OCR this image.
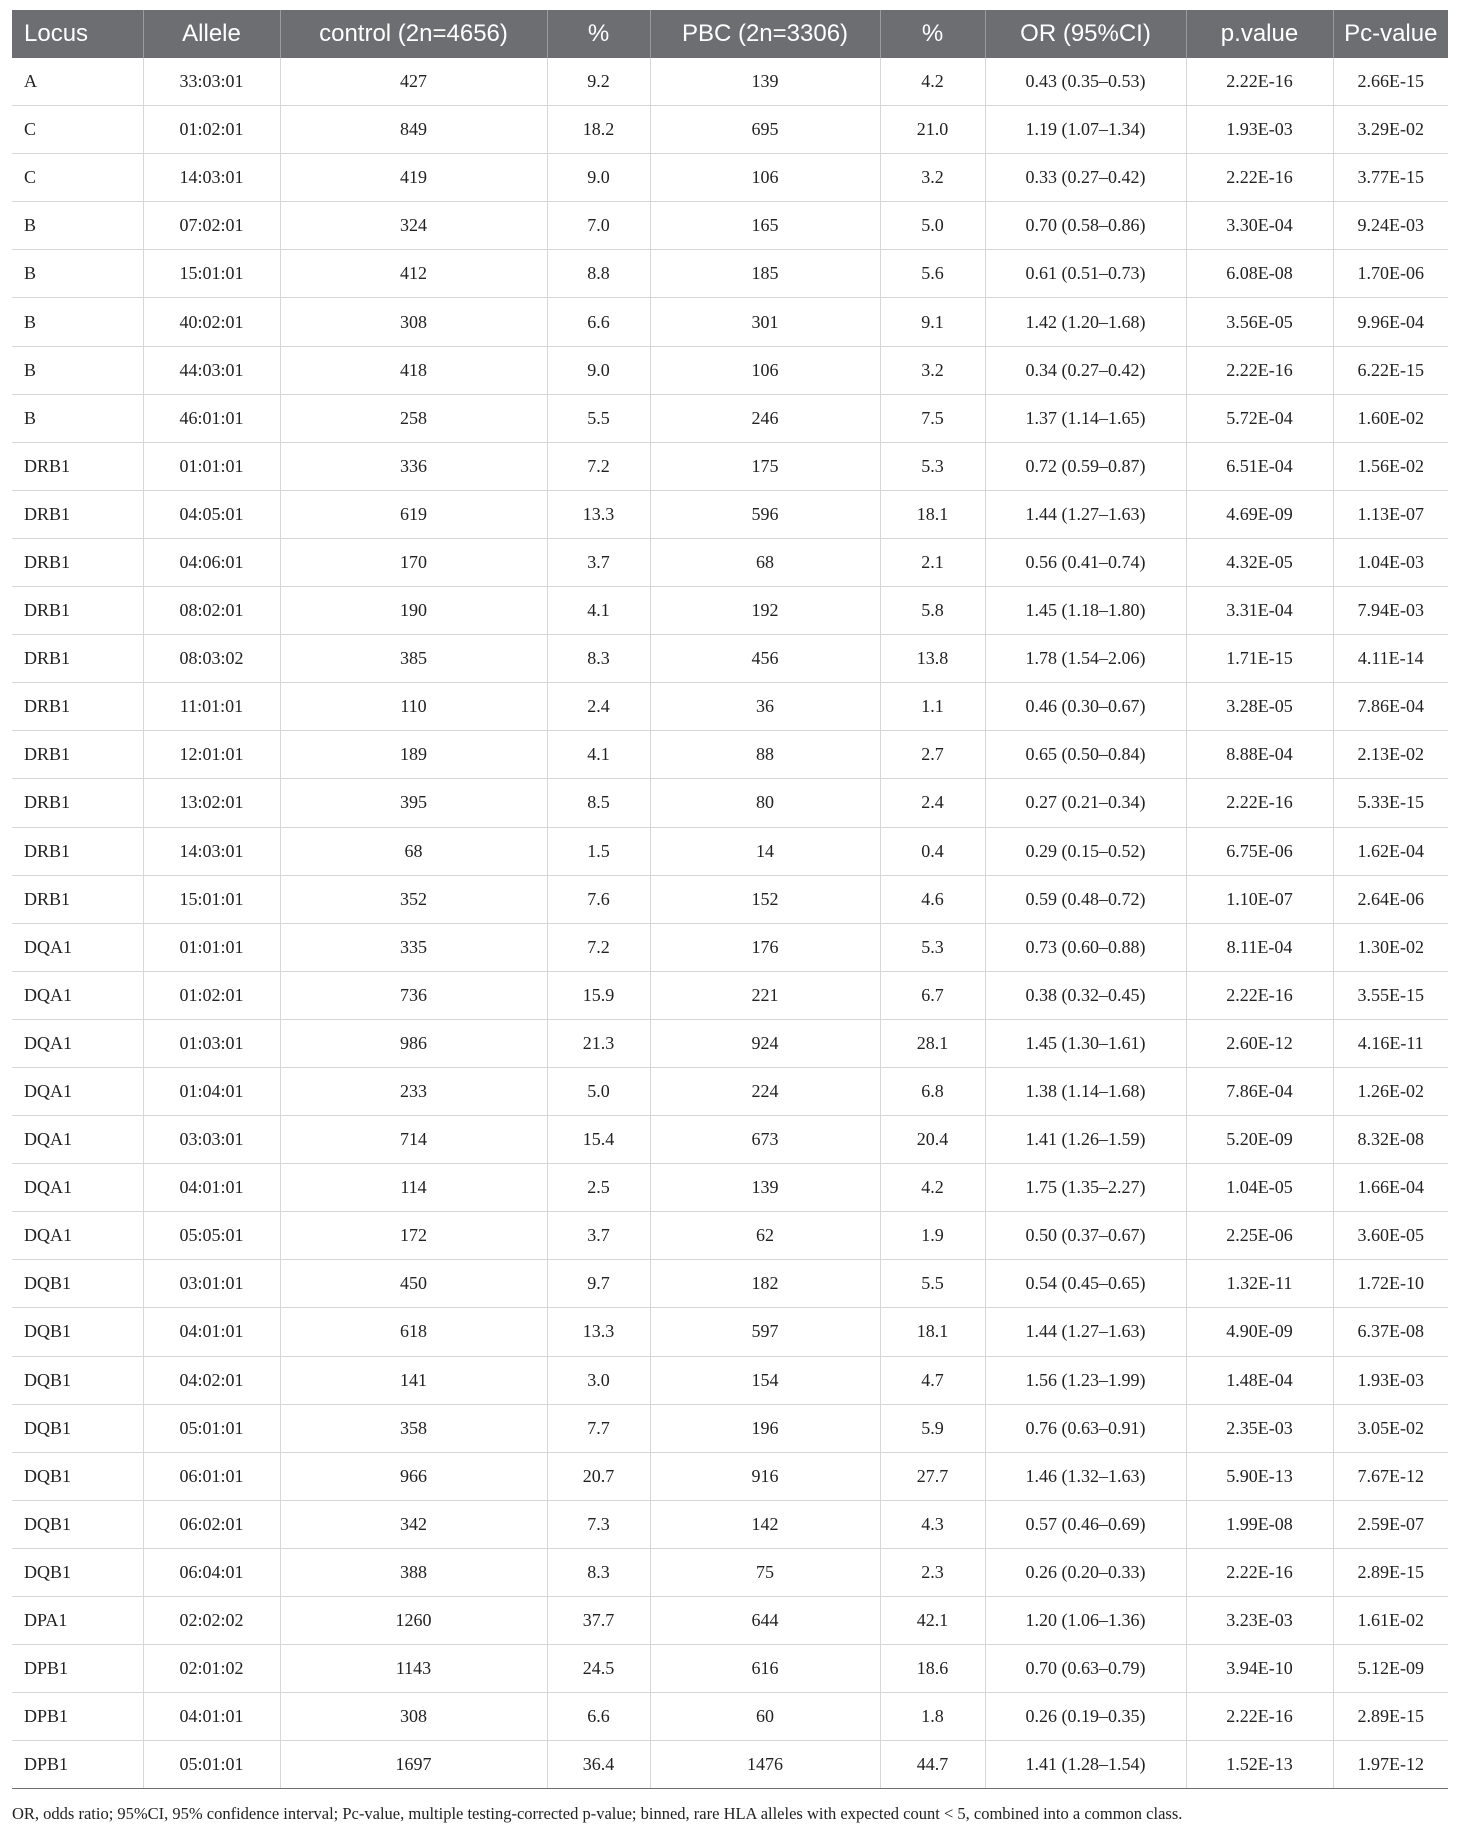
Locus	Allele	control (2n=4656)	%	PBC (2n=3306)	%	OR (95%CI)	p.value	Pc-value
A	33:03:01	427	9.2	139	4.2	0.43 (0.35–0.53)	2.22E-16	2.66E-15
C	01:02:01	849	18.2	695	21.0	1.19 (1.07–1.34)	1.93E-03	3.29E-02
C	14:03:01	419	9.0	106	3.2	0.33 (0.27–0.42)	2.22E-16	3.77E-15
B	07:02:01	324	7.0	165	5.0	0.70 (0.58–0.86)	3.30E-04	9.24E-03
B	15:01:01	412	8.8	185	5.6	0.61 (0.51–0.73)	6.08E-08	1.70E-06
B	40:02:01	308	6.6	301	9.1	1.42 (1.20–1.68)	3.56E-05	9.96E-04
B	44:03:01	418	9.0	106	3.2	0.34 (0.27–0.42)	2.22E-16	6.22E-15
B	46:01:01	258	5.5	246	7.5	1.37 (1.14–1.65)	5.72E-04	1.60E-02
DRB1	01:01:01	336	7.2	175	5.3	0.72 (0.59–0.87)	6.51E-04	1.56E-02
DRB1	04:05:01	619	13.3	596	18.1	1.44 (1.27–1.63)	4.69E-09	1.13E-07
DRB1	04:06:01	170	3.7	68	2.1	0.56 (0.41–0.74)	4.32E-05	1.04E-03
DRB1	08:02:01	190	4.1	192	5.8	1.45 (1.18–1.80)	3.31E-04	7.94E-03
DRB1	08:03:02	385	8.3	456	13.8	1.78 (1.54–2.06)	1.71E-15	4.11E-14
DRB1	11:01:01	110	2.4	36	1.1	0.46 (0.30–0.67)	3.28E-05	7.86E-04
DRB1	12:01:01	189	4.1	88	2.7	0.65 (0.50–0.84)	8.88E-04	2.13E-02
DRB1	13:02:01	395	8.5	80	2.4	0.27 (0.21–0.34)	2.22E-16	5.33E-15
DRB1	14:03:01	68	1.5	14	0.4	0.29 (0.15–0.52)	6.75E-06	1.62E-04
DRB1	15:01:01	352	7.6	152	4.6	0.59 (0.48–0.72)	1.10E-07	2.64E-06
DQA1	01:01:01	335	7.2	176	5.3	0.73 (0.60–0.88)	8.11E-04	1.30E-02
DQA1	01:02:01	736	15.9	221	6.7	0.38 (0.32–0.45)	2.22E-16	3.55E-15
DQA1	01:03:01	986	21.3	924	28.1	1.45 (1.30–1.61)	2.60E-12	4.16E-11
DQA1	01:04:01	233	5.0	224	6.8	1.38 (1.14–1.68)	7.86E-04	1.26E-02
DQA1	03:03:01	714	15.4	673	20.4	1.41 (1.26–1.59)	5.20E-09	8.32E-08
DQA1	04:01:01	114	2.5	139	4.2	1.75 (1.35–2.27)	1.04E-05	1.66E-04
DQA1	05:05:01	172	3.7	62	1.9	0.50 (0.37–0.67)	2.25E-06	3.60E-05
DQB1	03:01:01	450	9.7	182	5.5	0.54 (0.45–0.65)	1.32E-11	1.72E-10
DQB1	04:01:01	618	13.3	597	18.1	1.44 (1.27–1.63)	4.90E-09	6.37E-08
DQB1	04:02:01	141	3.0	154	4.7	1.56 (1.23–1.99)	1.48E-04	1.93E-03
DQB1	05:01:01	358	7.7	196	5.9	0.76 (0.63–0.91)	2.35E-03	3.05E-02
DQB1	06:01:01	966	20.7	916	27.7	1.46 (1.32–1.63)	5.90E-13	7.67E-12
DQB1	06:02:01	342	7.3	142	4.3	0.57 (0.46–0.69)	1.99E-08	2.59E-07
DQB1	06:04:01	388	8.3	75	2.3	0.26 (0.20–0.33)	2.22E-16	2.89E-15
DPA1	02:02:02	1260	37.7	644	42.1	1.20 (1.06–1.36)	3.23E-03	1.61E-02
DPB1	02:01:02	1143	24.5	616	18.6	0.70 (0.63–0.79)	3.94E-10	5.12E-09
DPB1	04:01:01	308	6.6	60	1.8	0.26 (0.19–0.35)	2.22E-16	2.89E-15
DPB1	05:01:01	1697	36.4	1476	44.7	1.41 (1.28–1.54)	1.52E-13	1.97E-12
OR, odds ratio; 95%CI, 95% confidence interval; Pc-value, multiple testing-corrected p-value; binned, rare HLA alleles with expected count < 5, combined into a common class.
